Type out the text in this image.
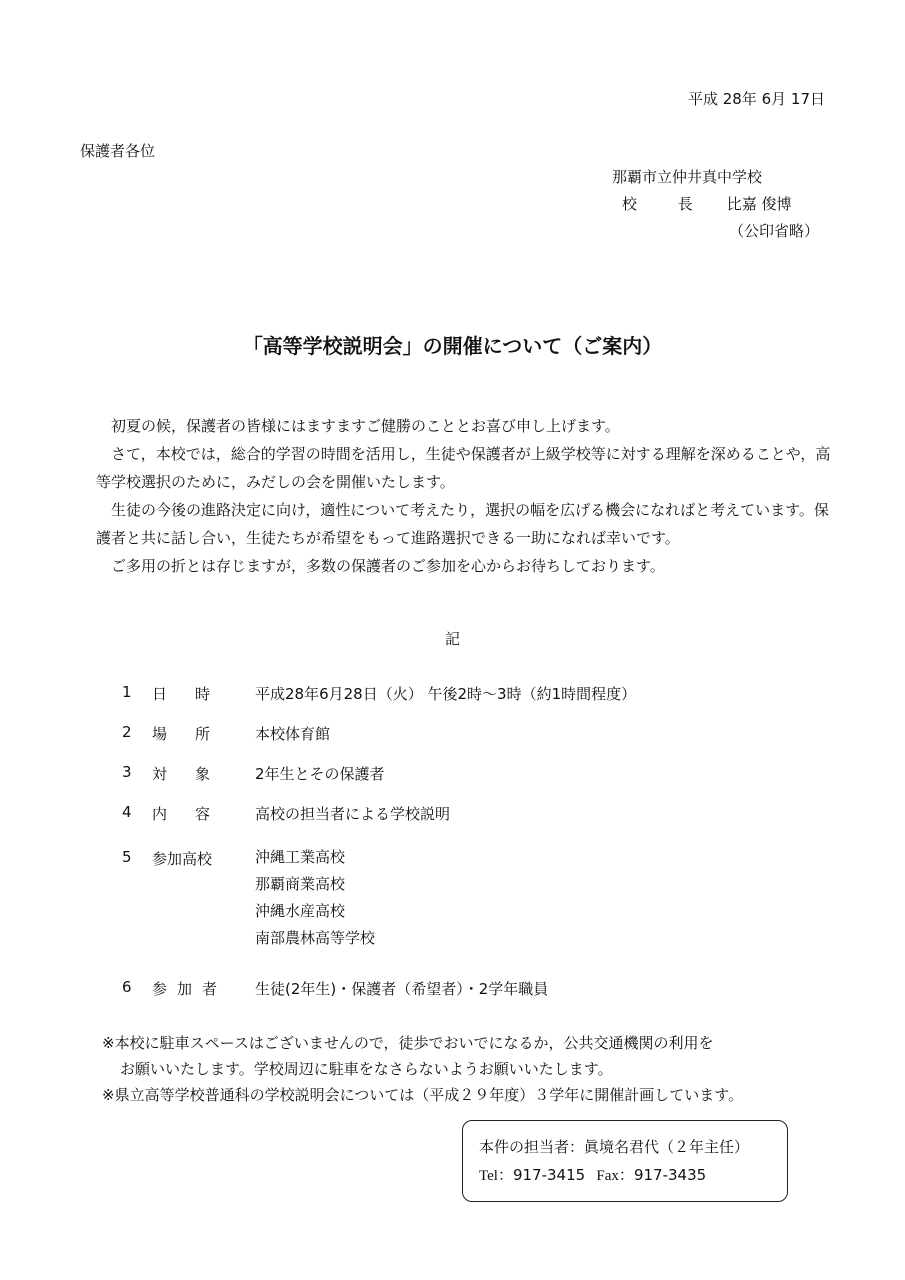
平成 28年 6月 17日
保護者各位
那覇市立仲井真中学校
校 長 比嘉 俊博
（公印省略）
「高等学校説明会」の開催について（ご案内）

初夏の候，保護者の皆様にはますますご健勝のこととお喜び申し上げます。

さて，本校では，総合的学習の時間を活用し，生徒や保護者が上級学校等に対する理解を深めることや，高等学校選択のために，みだしの会を開催いたします。

生徒の今後の進路決定に向け，適性について考えたり，選択の幅を広げる機会になればと考えています。保護者と共に話し合い，生徒たちが希望をもって進路選択できる一助になれば幸いです。

ご多用の折とは存じますが，多数の保護者のご参加を心からお待ちしております。

記
1	日時	平成28年6月28日（火） 午後2時～3時（約1時間程度）
2	場所	本校体育館
3	対象	2年生とその保護者
4	内容	高校の担当者による学校説明
5	参加高校	沖縄工業高校
那覇商業高校
沖縄水産高校
南部農林高等学校
6	参加者	生徒(2年生)・保護者（希望者）・2学年職員
※本校に駐車スペースはございませんので，徒歩でおいでになるか，公共交通機関の利用を
お願いいたします。学校周辺に駐車をなさらないようお願いいたします。
※県立高等学校普通科の学校説明会については（平成２９年度）３学年に開催計画しています。
本件の担当者：眞境名君代（２年主任）
Tel：917-3415 Fax：917-3435
